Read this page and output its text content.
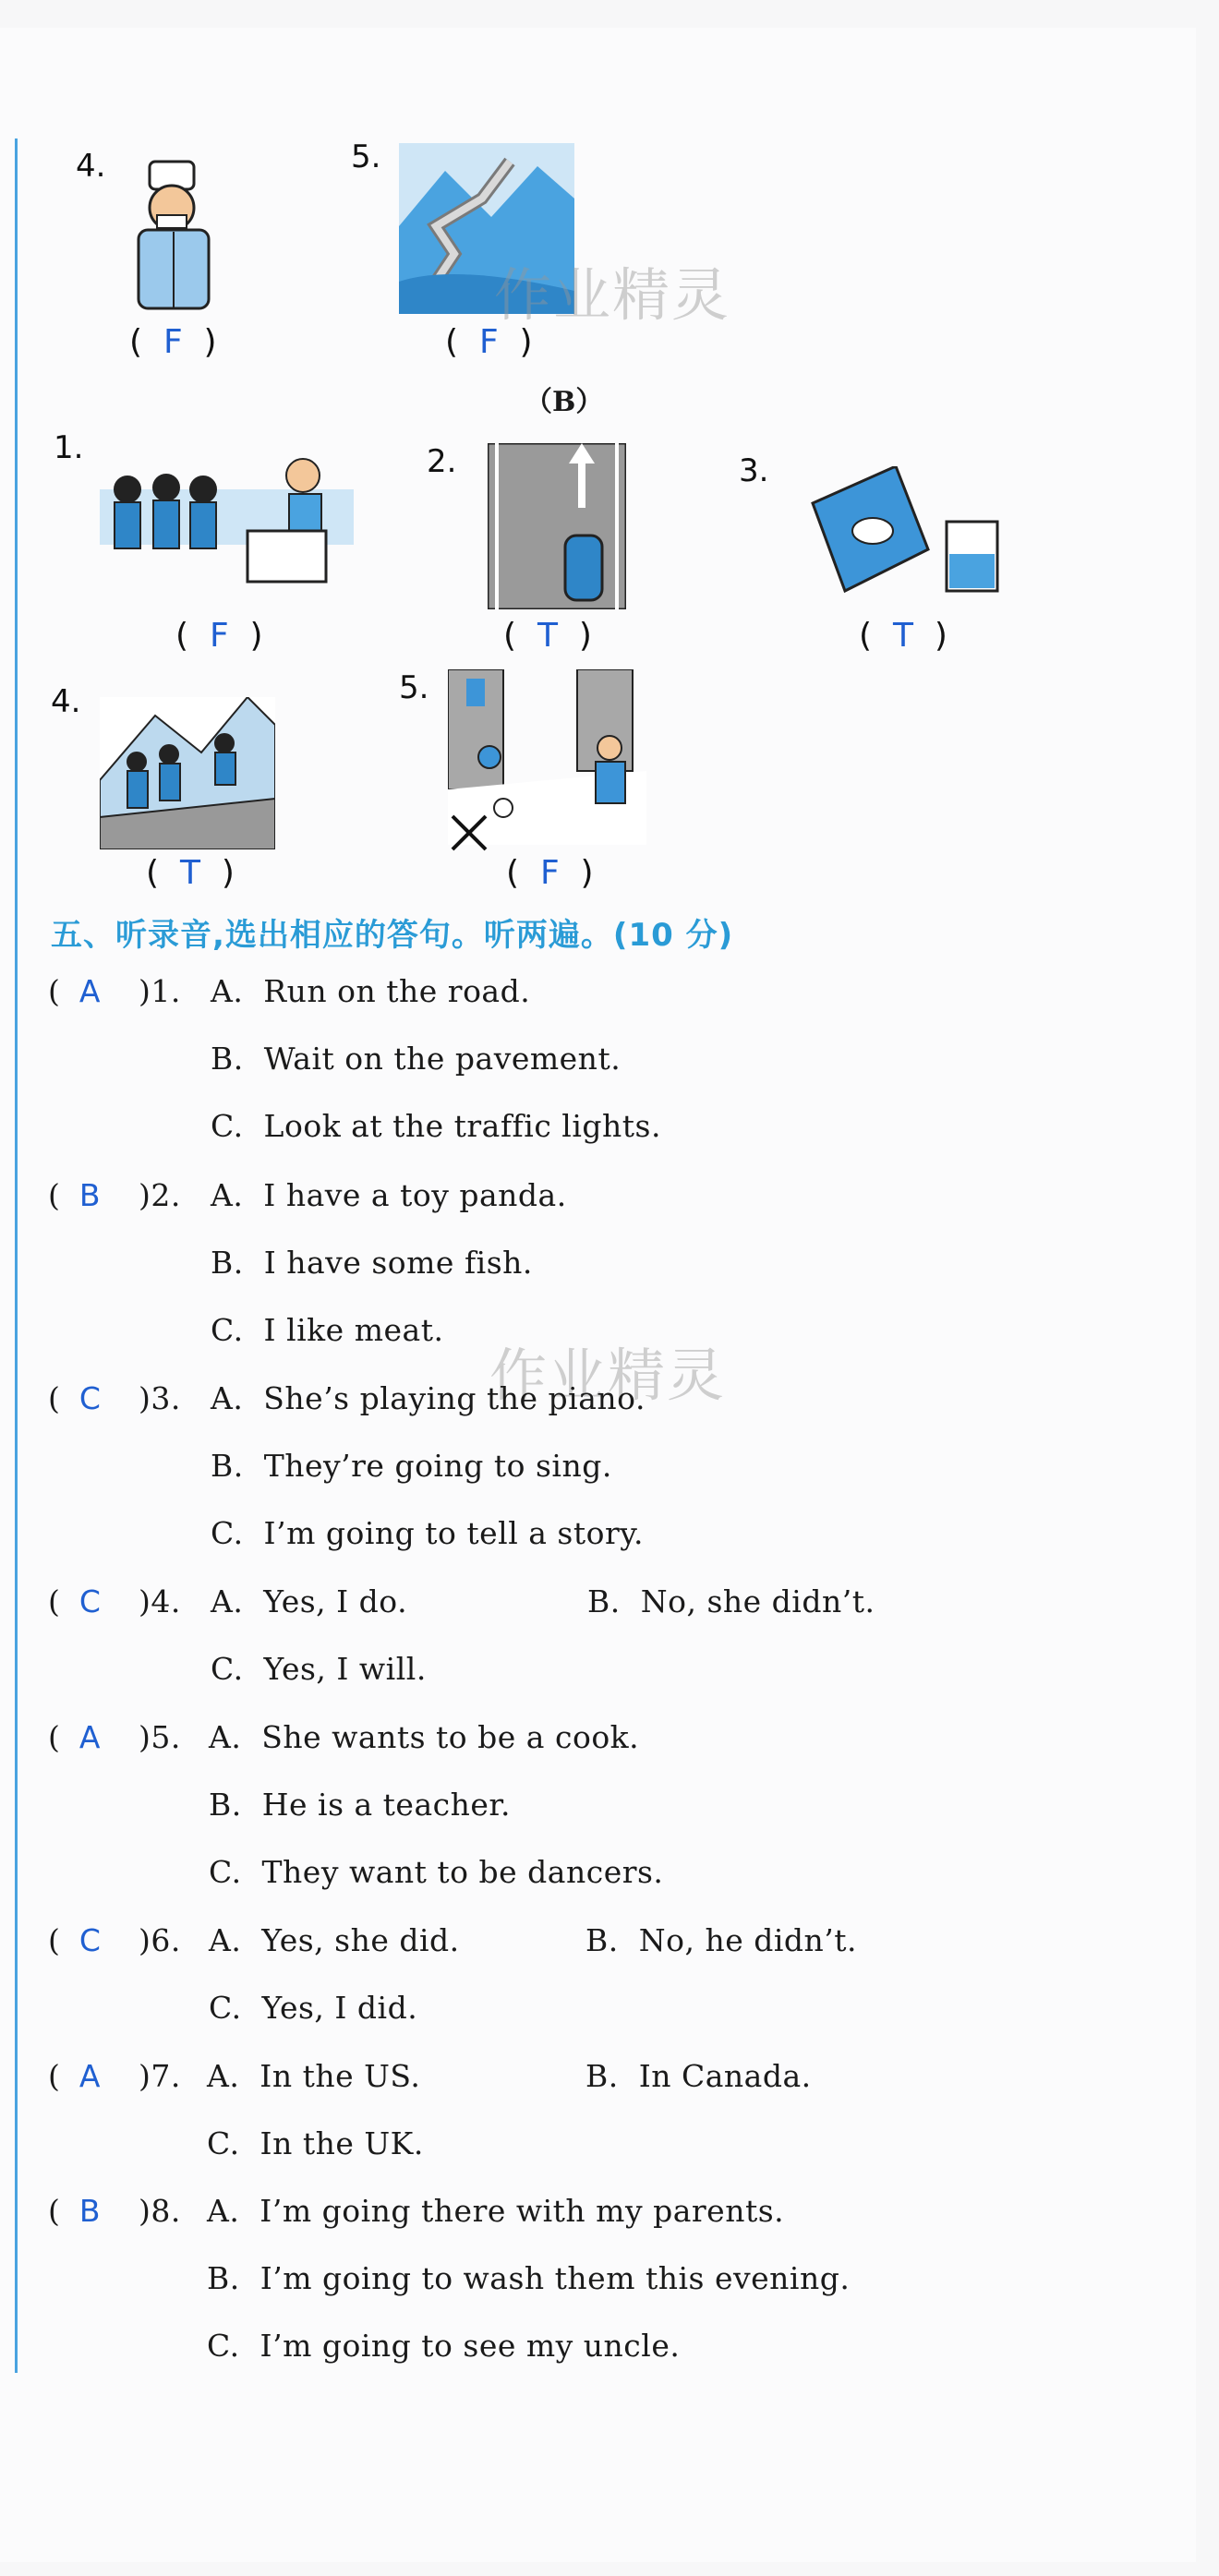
4.
(  F  )
5.
(  F  )
作业精灵
（B）
1.
(  F  )
2.
(  T  )
3.
(  T  )
4.
(  T  )
5.
(  F  )
五、听录音,选出相应的答句。听两遍。(10 分)
作业精灵
(  A	)1. A.  Run on the road.
B.  Wait on the pavement.
C.  Look at the traffic lights.
(  B	)2. A.  I have a toy panda.
B.  I have some fish.
C.  I like meat.
(  C	)3. A.  She’s playing the piano.
B.  They’re going to sing.
C.  I’m going to tell a story.
(  C	)4. A.  Yes, I do.	B.  No, she didn’t.
C.  Yes, I will.
(  A	)5. A.  She wants to be a cook.
B.  He is a teacher.
C.  They want to be dancers.
(  C	)6. A.  Yes, she did.	B.  No, he didn’t.
C.  Yes, I did.
(  A	)7. A.  In the US.	B.  In Canada.
C.  In the UK.
(  B	)8. A.  I’m going there with my parents.
B.  I’m going to wash them this evening.
C.  I’m going to see my uncle.
